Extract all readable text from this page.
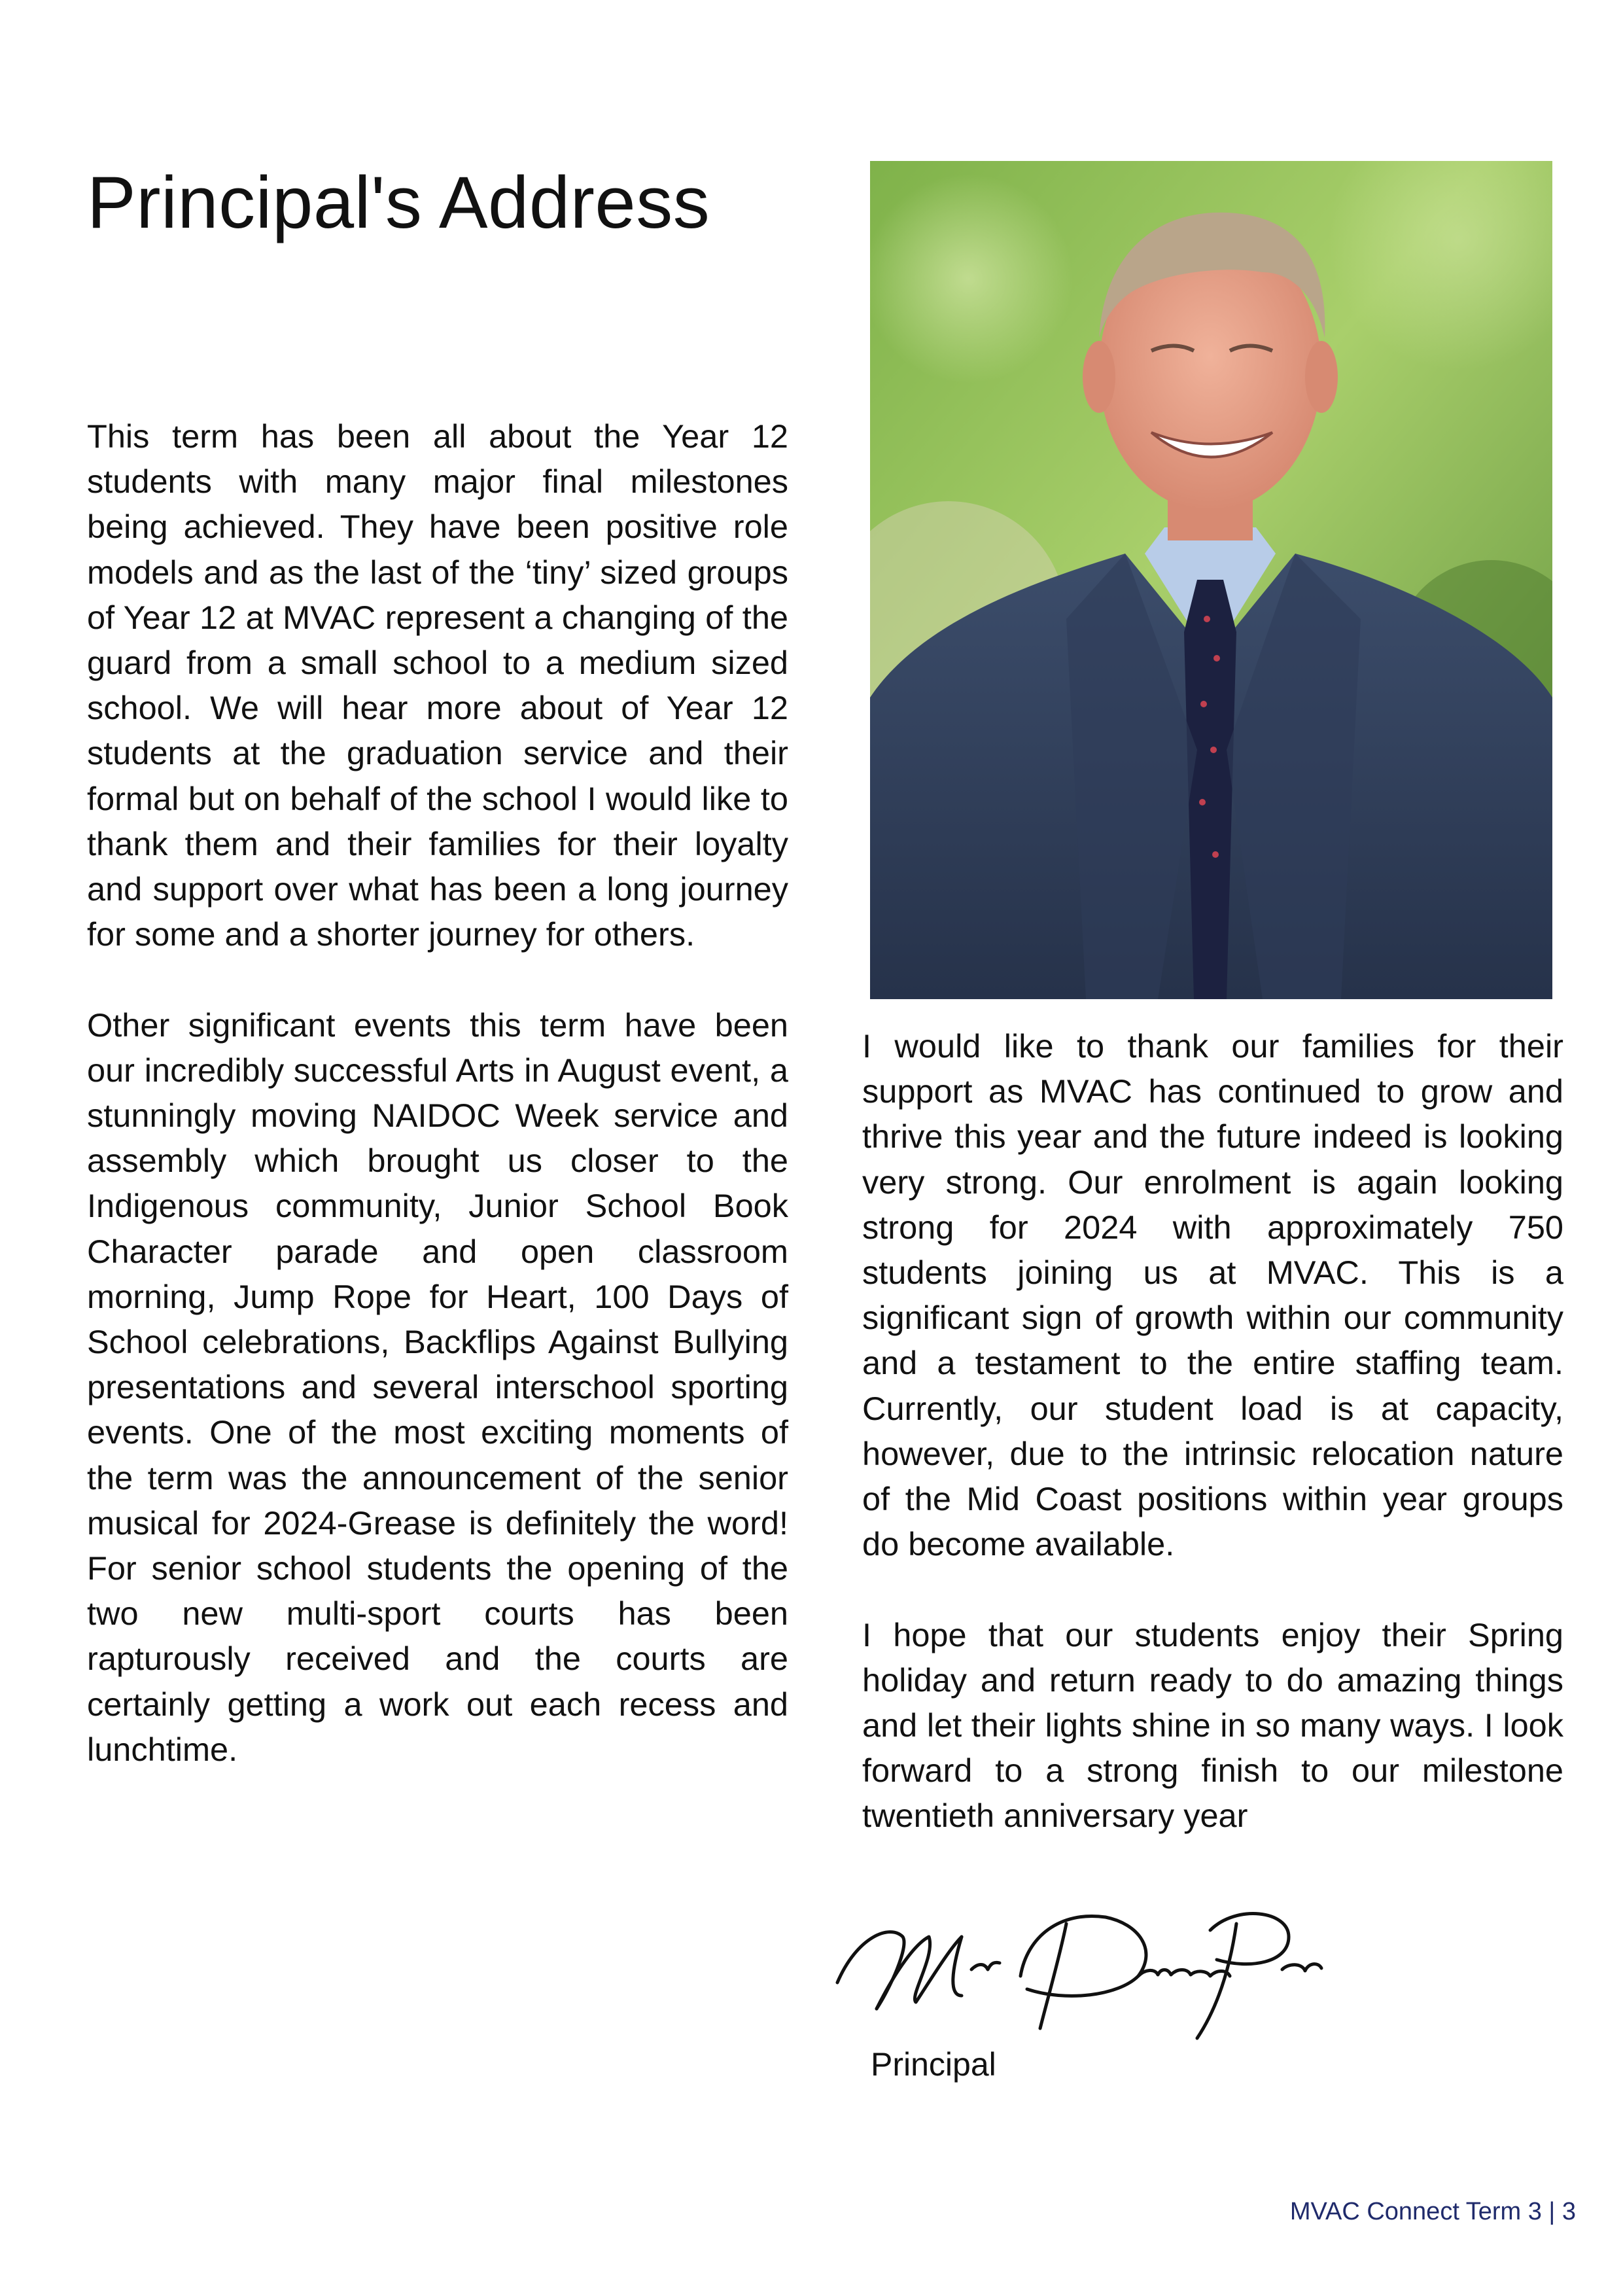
Principal's Address

This term has been all about the Year 12 students with many major final milestones being achieved. They have been positive role models and as the last of the ‘tiny’ sized groups of Year 12 at MVAC represent a changing of the guard from a small school to a medium sized school. We will hear more about of Year 12 students at the graduation service and their formal but on behalf of the school I would like to thank them and their families for their loyalty and support over what has been a long journey for some and a shorter journey for others.

Other significant events this term have been our incredibly successful Arts in August event, a stunningly moving NAIDOC Week service and assembly which brought us closer to the Indigenous community, Junior School Book Character parade and open classroom morning, Jump Rope for Heart, 100 Days of School celebrations, Backflips Against Bullying presentations and several interschool sporting events. One of the most exciting moments of the term was the announcement of the senior musical for 2024-Grease is definitely the word! For senior school students the opening of the two new multi-sport courts has been rapturously received and the courts are certainly getting a work out each recess and lunchtime.

I would like to thank our families for their support as MVAC has continued to grow and thrive this year and the future indeed is looking very strong. Our enrolment is again looking strong for 2024 with approximately 750 students joining us at MVAC. This is a significant sign of growth within our community and a testament to the entire staffing team. Currently, our student load is at capacity, however, due to the intrinsic relocation nature of the Mid Coast positions within year groups do become available.

I hope that our students enjoy their Spring holiday and return ready to do amazing things and let their lights shine in so many ways. I look forward to a strong finish to our milestone twentieth anniversary year

Principal
MVAC Connect Term 3 | 3
